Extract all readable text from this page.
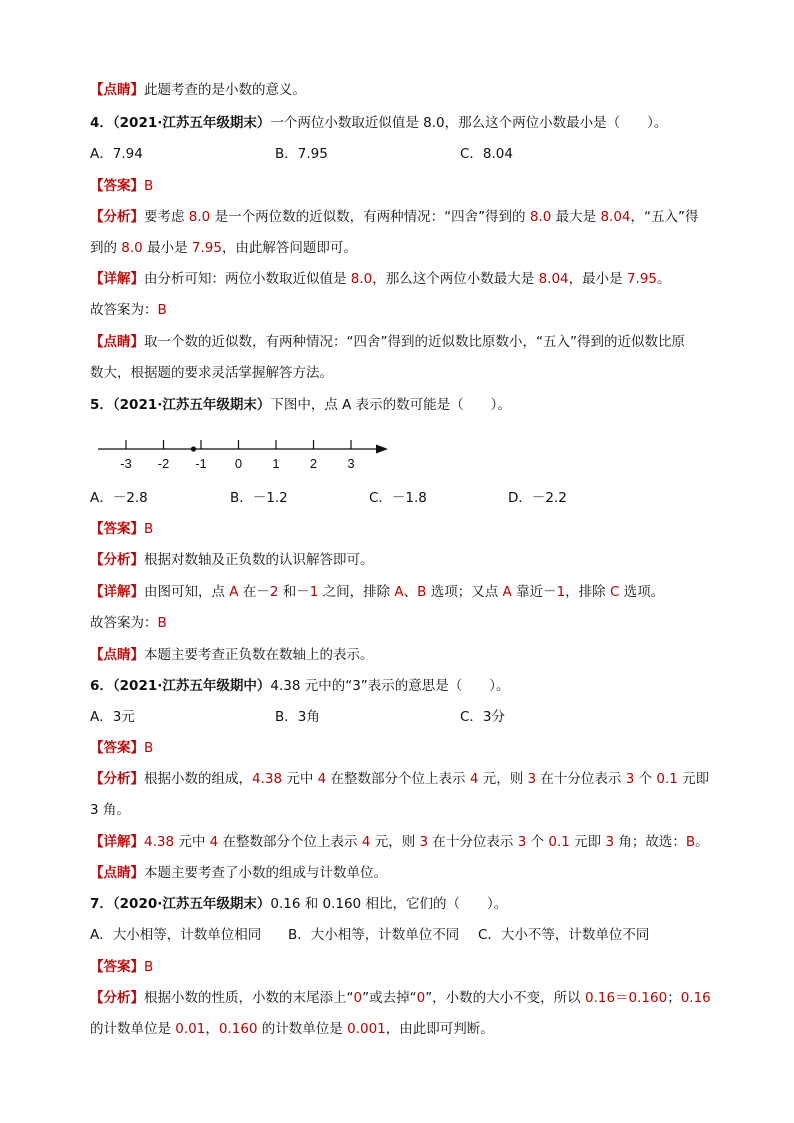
【点睛】此题考查的是小数的意义。
4．（2021·江苏五年级期末）一个两位小数取近似值是 8.0，那么这个两位小数最小是（　　）。
A．7.94	B．7.95	C．8.04
【答案】B
【分析】要考虑 8.0 是一个两位数的近似数，有两种情况：“四舍”得到的 8.0 最大是 8.04，“五入”得
到的 8.0 最小是 7.95，由此解答问题即可。
【详解】由分析可知：两位小数取近似值是 8.0，那么这个两位小数最大是 8.04，最小是 7.95。
故答案为：B
【点睛】取一个数的近似数，有两种情况：“四舍”得到的近似数比原数小，“五入”得到的近似数比原
数大，根据题的要求灵活掌握解答方法。
5．（2021·江苏五年级期末）下图中，点 A 表示的数可能是（　　）。
-3 -2 -1 0 1 2 3
A．－2.8	B．－1.2	C．－1.8	D．－2.2
【答案】B
【分析】根据对数轴及正负数的认识解答即可。
【详解】由图可知，点 A 在－2 和－1 之间，排除 A、B 选项；又点 A 靠近－1，排除 C 选项。
故答案为：B
【点睛】本题主要考查正负数在数轴上的表示。
6．（2021·江苏五年级期中）4.38 元中的“3”表示的意思是（　　）。
A．3元	B．3角	C．3分
【答案】B
【分析】根据小数的组成，4.38 元中 4 在整数部分个位上表示 4 元，则 3 在十分位表示 3 个 0.1 元即
3 角。
【详解】4.38 元中 4 在整数部分个位上表示 4 元，则 3 在十分位表示 3 个 0.1 元即 3 角；故选：B。
【点睛】本题主要考查了小数的组成与计数单位。
7．（2020·江苏五年级期末）0.16 和 0.160 相比，它们的（　　）。
A．大小相等，计数单位相同 B．大小相等，计数单位不同 C．大小不等，计数单位不同
【答案】B
【分析】根据小数的性质，小数的末尾添上“0”或去掉“0”，小数的大小不变，所以 0.16＝0.160；0.16
的计数单位是 0.01，0.160 的计数单位是 0.001，由此即可判断。
